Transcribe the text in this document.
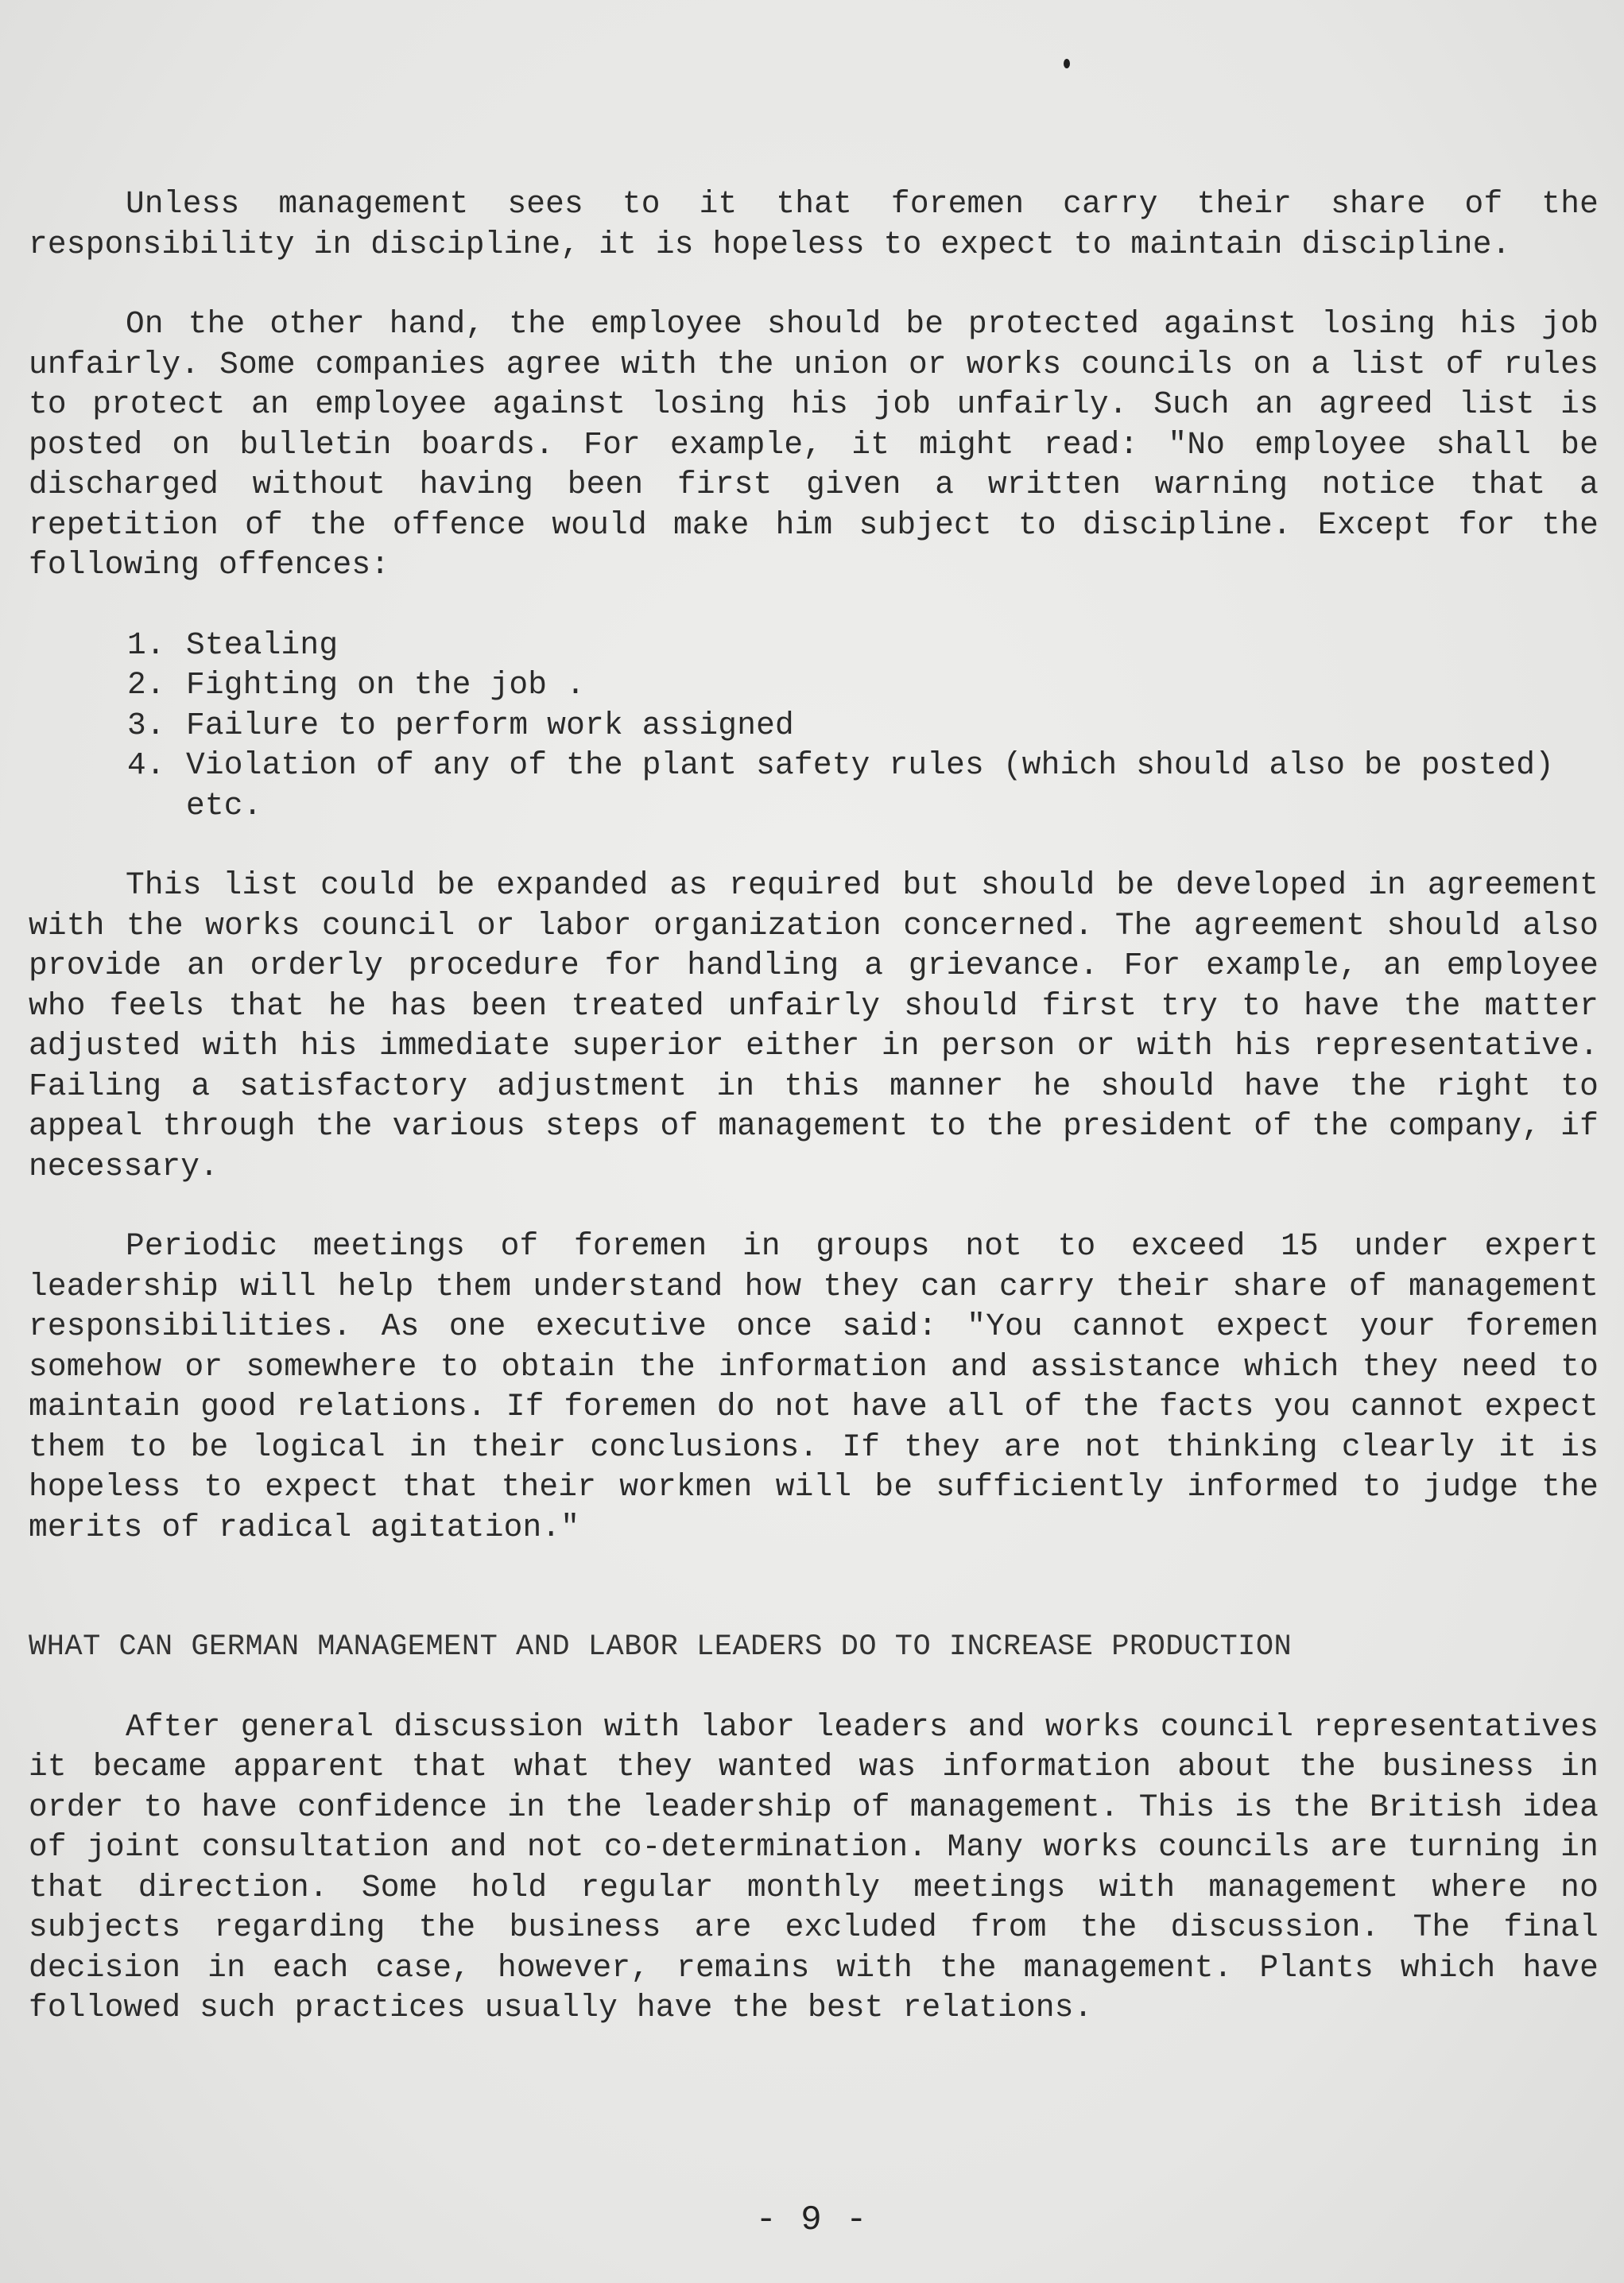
Unless management sees to it that foremen carry their share of the responsibility in discipline, it is hopeless to expect to maintain discipline.

On the other hand, the employee should be protected against losing his job unfairly. Some companies agree with the union or works councils on a list of rules to protect an employee against losing his job unfairly. Such an agreed list is posted on bulletin boards. For example, it might read: "No employee shall be discharged without having been first given a written warning notice that a repetition of the offence would make him subject to discipline. Except for the following offences:

1. Stealing
2. Fighting on the job .
3. Failure to perform work assigned
4. Violation of any of the plant safety rules (which should also be posted) etc.

This list could be expanded as required but should be developed in agreement with the works council or labor organization concerned. The agreement should also provide an orderly procedure for handling a grievance. For example, an employee who feels that he has been treated unfairly should first try to have the matter adjusted with his immediate superior either in person or with his representative. Failing a satisfactory adjustment in this manner he should have the right to appeal through the various steps of management to the president of the company, if necessary.

Periodic meetings of foremen in groups not to exceed 15 under expert leadership will help them understand how they can carry their share of management responsibilities. As one executive once said: "You cannot expect your foremen somehow or somewhere to obtain the information and assistance which they need to maintain good relations. If foremen do not have all of the facts you cannot expect them to be logical in their conclusions. If they are not thinking clearly it is hopeless to expect that their workmen will be sufficiently informed to judge the merits of radical agitation."

WHAT CAN GERMAN MANAGEMENT AND LABOR LEADERS DO TO INCREASE PRODUCTION

After general discussion with labor leaders and works council representatives it became apparent that what they wanted was information about the business in order to have confidence in the leadership of management. This is the British idea of joint consultation and not co-determination. Many works councils are turning in that direction. Some hold regular monthly meetings with management where no subjects regarding the business are excluded from the discussion. The final decision in each case, however, remains with the management. Plants which have followed such practices usually have the best relations.

- 9 -
